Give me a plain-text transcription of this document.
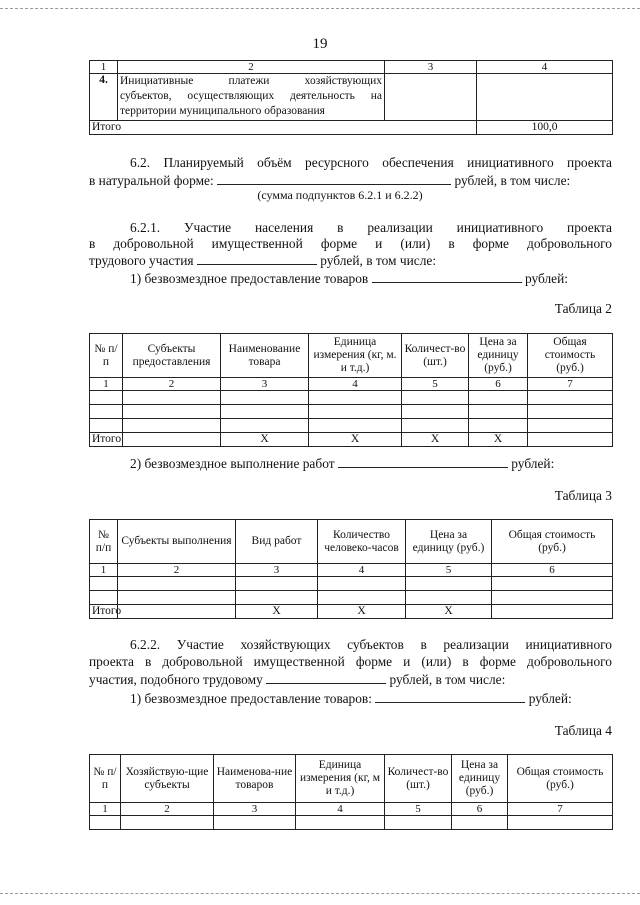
19
1	2	3	4
4.	Инициативные платежи хозяйствующих
субъектов, осуществляющих деятельность на
территории муниципального образования		

Итого			100,0
6.2. Планируемый объём ресурсного обеспечения инициативного проекта
в натуральной форме:	рублей, в том числе:
(сумма подпунктов 6.2.1 и 6.2.2)
6.2.1. Участие населения в реализации инициативного проекта
в добровольной имущественной форме и (или) в форме добровольного
трудового участия	рублей, в том числе:
1) безвозмездное предоставление товаров	рублей:
Таблица 2
№ п/п	Субъекты предоставления	Наименование товара	Единица измерения (кг, м. и т.д.)	Количест-во (шт.)	Цена за единицу (руб.)	Общая стоимость (руб.)
1	2	3	4	5	6	7

Итого		Х	Х	Х	Х	
2) безвозмездное выполнение работ	рублей:
Таблица 3
№ п/п	Субъекты выполнения	Вид работ	Количество человеко-часов	Цена за единицу (руб.)	Общая стоимость (руб.)
1	2	3	4	5	6

Итого		Х	Х	Х	
6.2.2. Участие хозяйствующих субъектов в реализации инициативного
проекта в добровольной имущественной форме и (или) в форме добровольного
участия, подобного трудовому	рублей, в том числе:
1) безвозмездное предоставление товаров:	рублей:
Таблица 4
№ п/п	Хозяйствую-щие субъекты	Наименова-ние товаров	Единица измерения (кг, м и т.д.)	Количест-во (шт.)	Цена за единицу (руб.)	Общая стоимость (руб.)
1	2	3	4	5	6	7
